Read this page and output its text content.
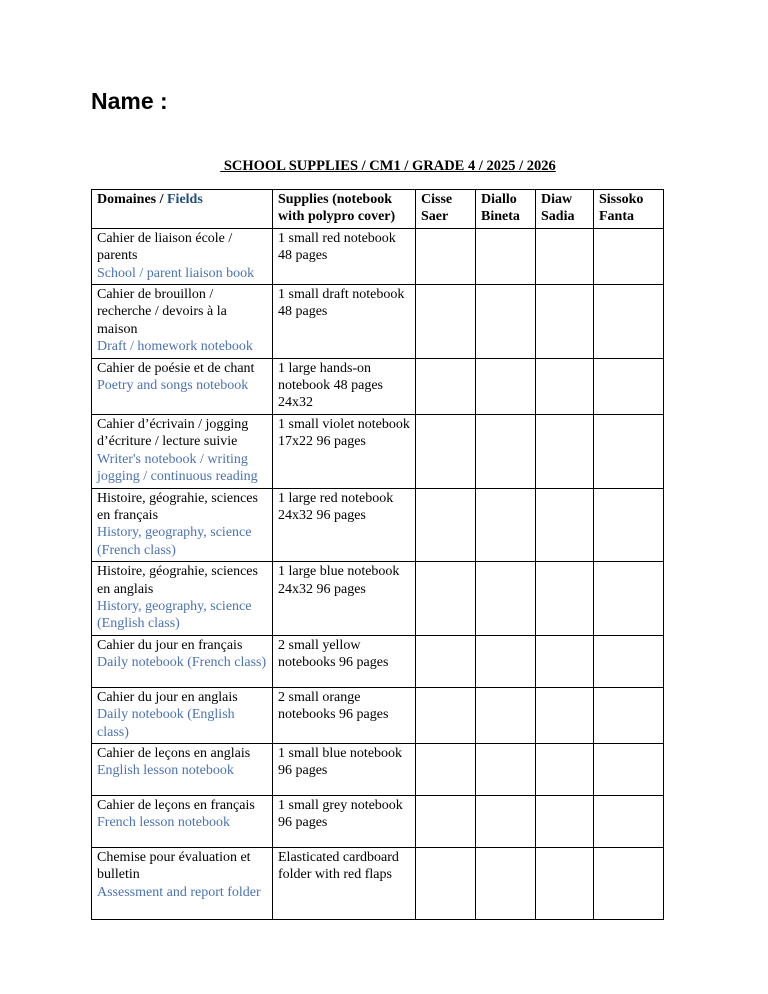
Name :
SCHOOL SUPPLIES / CM1 / GRADE 4 / 2025 / 2026
Domaines / Fields	Supplies (notebook with polypro cover)	Cisse Saer	Diallo Bineta	Diaw Sadia	Sissoko Fanta

Cahier de liaison école / parents
School / parent liaison book	1 small red notebook 48 pages				

Cahier de brouillon / recherche / devoirs à la maison
Draft / homework notebook	1 small draft notebook 48 pages				

Cahier de poésie et de chant
Poetry and songs notebook	1 large hands-on notebook 48 pages 24x32				

Cahier d’écrivain / jogging d’écriture / lecture suivie
Writer's notebook / writing jogging / continuous reading	1 small violet notebook 17x22 96 pages				

Histoire, géograhie, sciences en français
History, geography, science (French class)	1 large red notebook 24x32 96 pages				

Histoire, géograhie, sciences en anglais
History, geography, science (English class)	1 large blue notebook 24x32 96 pages				

Cahier du jour en français
Daily notebook (French class)	2 small yellow notebooks 96 pages				

Cahier du jour en anglais
Daily notebook (English class)	2 small orange notebooks 96 pages				

Cahier de leçons en anglais
English lesson notebook	1 small blue notebook 96 pages				

Cahier de leçons en français
French lesson notebook	1 small grey notebook 96 pages				

Chemise pour évaluation et bulletin
Assessment and report folder	Elasticated cardboard folder with red flaps				
